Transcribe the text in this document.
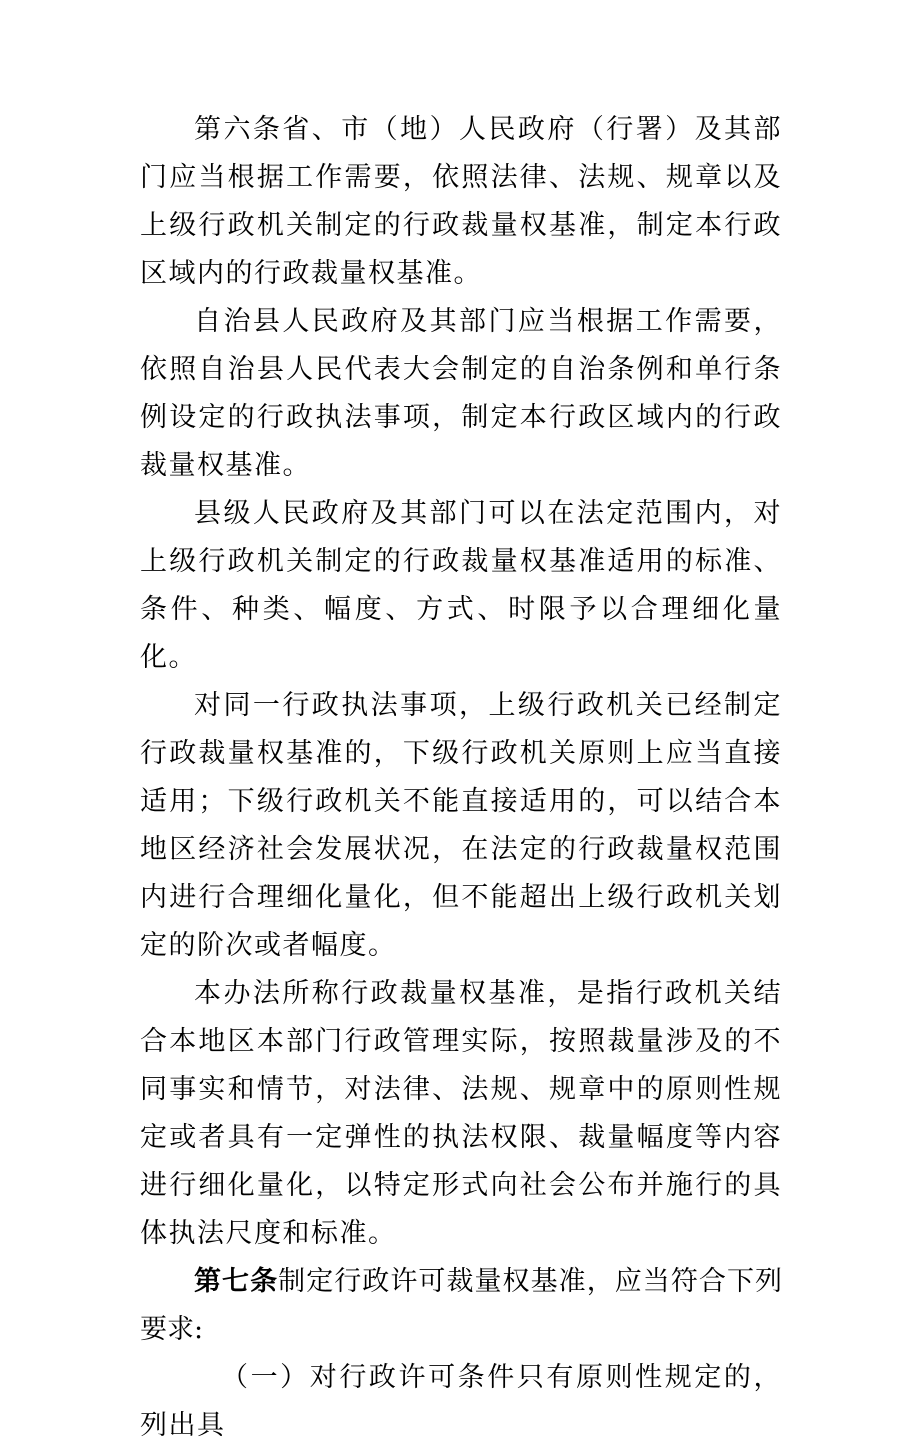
第六条省、市（地）人民政府（行署）及其部门应当根据工作需要，依照法律、法规、规章以及上级行政机关制定的行政裁量权基准，制定本行政区域内的行政裁量权基准。

自治县人民政府及其部门应当根据工作需要，依照自治县人民代表大会制定的自治条例和单行条例设定的行政执法事项，制定本行政区域内的行政裁量权基准。

县级人民政府及其部门可以在法定范围内，对上级行政机关制定的行政裁量权基准适用的标准、条件、种类、幅度、方式、时限予以合理细化量化。

对同一行政执法事项，上级行政机关已经制定行政裁量权基准的，下级行政机关原则上应当直接适用；下级行政机关不能直接适用的，可以结合本地区经济社会发展状况，在法定的行政裁量权范围内进行合理细化量化，但不能超出上级行政机关划定的阶次或者幅度。

本办法所称行政裁量权基准，是指行政机关结合本地区本部门行政管理实际，按照裁量涉及的不同事实和情节，对法律、法规、规章中的原则性规定或者具有一定弹性的执法权限、裁量幅度等内容进行细化量化，以特定形式向社会公布并施行的具体执法尺度和标准。

第七条制定行政许可裁量权基准，应当符合下列要求:

（一）对行政许可条件只有原则性规定的，列出具
